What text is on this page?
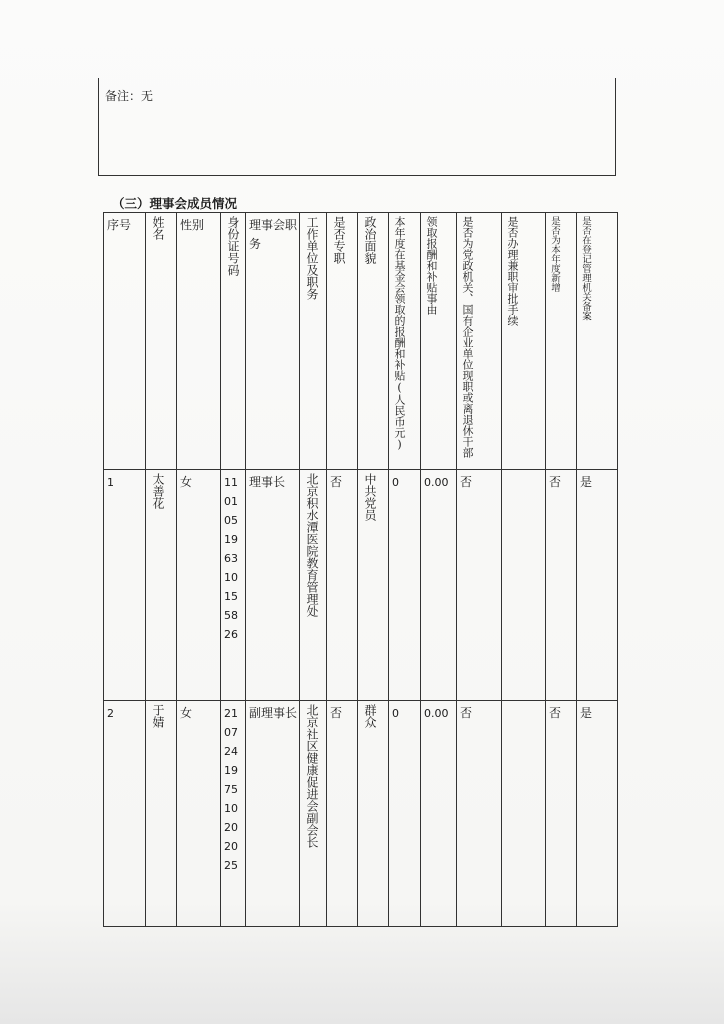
备注：无
（三）理事会成员情况
序号	姓名	性别	身份证号码	理事会职务	工作单位及职务	是否专职	政治面貌	本年度在基金会领取的报酬和补贴(人民币元)	领取报酬和补贴事由	是否为党政机关、国有企业单位现职或离退休干部	是否办理兼职审批手续	是否为本年度新增	是否在登记管理机关备案
1	太善花	女	110105196310155826	理事长	北京积水潭医院教育管理处	否	中共党员	0	0.00	否		否	是
2	于婧	女	210724197510202025	副理事长	北京社区健康促进会副会长	否	群众	0	0.00	否		否	是
